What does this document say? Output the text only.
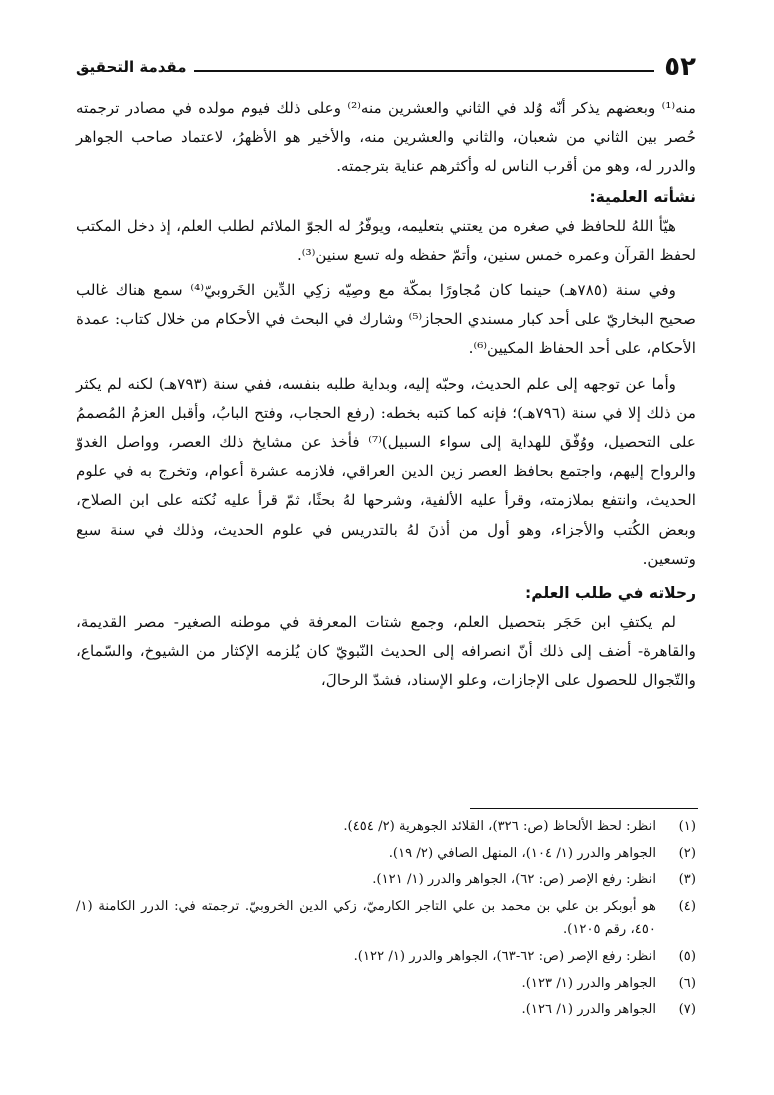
٥٢
مقدمة التحقيق

منه⁽¹⁾ وبعضهم يذكر أنّه وُلد في الثاني والعشرين منه⁽²⁾ وعلى ذلك فيوم مولده في مصادر ترجمته حُصر بين الثاني من شعبان، والثاني والعشرين منه، والأخير هو الأظهرُ، لاعتماد صاحب الجواهر والدرر له، وهو من أقرب الناس له وأكثرهم عناية بترجمته.

نشأته العلمية:

هيّأ اللهُ للحافظ في صغره من يعتني بتعليمه، ويوفّرُ له الجوّ الملائم لطلب العلم، إذ دخل المكتب لحفظ القرآن وعمره خمس سنين، وأتمّ حفظه وله تسع سنين⁽³⁾.

وفي سنة (٧٨٥هـ) حينما كان مُجاورًا بمكّة مع وصِيّه زكِي الدِّين الخَروبيّ⁽⁴⁾ سمع هناك غالب صحيح البخاريّ على أحد كبار مسندي الحجاز⁽⁵⁾ وشارك في البحث في الأحكام من خلال كتاب: عمدة الأحكام، على أحد الحفاظ المكيين⁽⁶⁾.

وأما عن توجهه إلى علم الحديث، وحبّه إليه، وبداية طلبه بنفسه، ففي سنة (٧٩٣هـ) لكنه لم يكثر من ذلك إلا في سنة (٧٩٦هـ)؛ فإنه كما كتبه بخطه: (رفع الحجاب، وفتح البابُ، وأقبل العزمُ المُصممُ على التحصيل، ووُفّق للهداية إلى سواء السبيل)⁽⁷⁾ فأخذ عن مشايخ ذلك العصر، وواصل الغدوّ والرواح إليهم، واجتمع بحافظ العصر زين الدين العراقي، فلازمه عشرة أعوام، وتخرج به في علوم الحديث، وانتفع بملازمته، وقرأ عليه الألفية، وشرحها لهُ بحثًا، ثمّ قرأ عليه نُكته على ابن الصلاح، وبعض الكُتب والأجزاء، وهو أول من أذنَ لهُ بالتدريس في علوم الحديث، وذلك في سنة سبع وتسعين.

رحلاته في طلب العلم:

لم يكتفِ ابن حَجَر بتحصيل العلم، وجمع شتات المعرفة في موطنه الصغير- مصر القديمة، والقاهرة- أضف إلى ذلك أنّ انصرافه إلى الحديث النّبويّ كان يُلزمه الإكثار من الشيوخ، والسّماع، والتّجوال للحصول على الإجازات، وعلو الإسناد، فشدّ الرحالَ،

(١)
انظر: لحظ الألحاظ (ص: ٣٢٦)، القلائد الجوهرية (٢/ ٤٥٤).
(٢)
الجواهر والدرر (١/ ١٠٤)، المنهل الصافي (٢/ ١٩).
(٣)
انظر: رفع الإصر (ص: ٦٢)، الجواهر والدرر (١/ ١٢١).
(٤)
هو أبوبكر بن علي بن محمد بن علي التاجر الكارميّ، زكي الدين الخروبيّ. ترجمته في: الدرر الكامنة (١/ ٤٥٠، رقم ١٢٠٥).
(٥)
انظر: رفع الإصر (ص: ٦٢-٦٣)، الجواهر والدرر (١/ ١٢٢).
(٦)
الجواهر والدرر (١/ ١٢٣).
(٧)
الجواهر والدرر (١/ ١٢٦).
